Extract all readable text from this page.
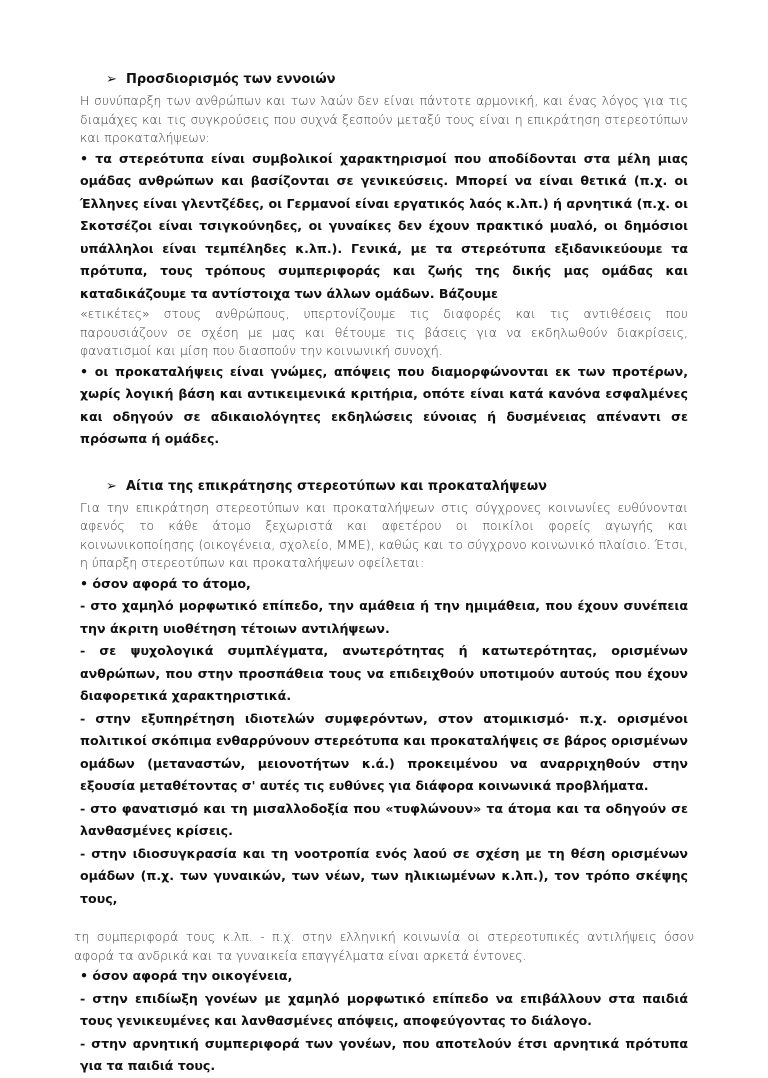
➢ Προσδιορισμός των εννοιών

Η συνύπαρξη των ανθρώπων και των λαών δεν είναι πάντοτε αρμονική, και ένας λόγος για τις διαμάχες και τις συγκρούσεις που συχνά ξεσπούν μεταξύ τους είναι η επικράτηση στερεοτύπων και προκαταλήψεων:

• τα στερεότυπα είναι συμβολικοί χαρακτηρισμοί που αποδίδονται στα μέλη μιας ομάδας ανθρώπων και βασίζονται σε γενικεύσεις. Μπορεί να είναι θετικά (π.χ. οι Έλληνες είναι γλεντζέδες, οι Γερμανοί είναι εργατικός λαός κ.λπ.) ή αρνητικά (π.χ. οι Σκοτσέζοι είναι τσιγκούνηδες, οι γυναίκες δεν έχουν πρακτικό μυαλό, οι δημόσιοι υπάλληλοι είναι τεμπέληδες κ.λπ.). Γενικά, με τα στερεότυπα εξιδανικεύουμε τα πρότυπα, τους τρόπους συμπεριφοράς και ζωής της δικής μας ομάδας και καταδικάζουμε τα αντίστοιχα των άλλων ομάδων. Βάζουμε

«ετικέτες» στους ανθρώπους, υπερτονίζουμε τις διαφορές και τις αντιθέσεις που παρουσιάζουν σε σχέση με μας και θέτουμε τις βάσεις για να εκδηλωθούν διακρίσεις, φανατισμοί και μίση που διασπούν την κοινωνική συνοχή.

• οι προκαταλήψεις είναι γνώμες, απόψεις που διαμορφώνονται εκ των προτέρων, χωρίς λογική βάση και αντικειμενικά κριτήρια, οπότε είναι κατά κανόνα εσφαλμένες και οδηγούν σε αδικαιολόγητες εκδηλώσεις εύνοιας ή δυσμένειας απέναντι σε πρόσωπα ή ομάδες.

➢ Αίτια της επικράτησης στερεοτύπων και προκαταλήψεων

Για την επικράτηση στερεοτύπων και προκαταλήψεων στις σύγχρονες κοινωνίες ευθύνονται αφενός το κάθε άτομο ξεχωριστά και αφετέρου οι ποικίλοι φορείς αγωγής και κοινωνικοποίησης (οικογένεια, σχολείο, ΜΜΕ), καθώς και το σύγχρονο κοινωνικό πλαίσιο. Έτσι, η ύπαρξη στερεοτύπων και προκαταλήψεων οφείλεται:

• όσον αφορά το άτομο,

- στο χαμηλό μορφωτικό επίπεδο, την αμάθεια ή την ημιμάθεια, που έχουν συνέπεια την άκριτη υιοθέτηση τέτοιων αντιλήψεων.

- σε ψυχολογικά συμπλέγματα, ανωτερότητας ή κατωτερότητας, ορισμένων ανθρώπων, που στην προσπάθεια τους να επιδειχθούν υποτιμούν αυτούς που έχουν διαφορετικά χαρακτηριστικά.

- στην εξυπηρέτηση ιδιοτελών συμφερόντων, στον ατομικισμό· π.χ. ορισμένοι πολιτικοί σκόπιμα ενθαρρύνουν στερεότυπα και προκαταλήψεις σε βάρος ορισμένων ομάδων (μεταναστών, μειονοτήτων κ.ά.) προκειμένου να αναρριχηθούν στην εξουσία μεταθέτοντας σ' αυτές τις ευθύνες για διάφορα κοινωνικά προβλήματα.

- στο φανατισμό και τη μισαλλοδοξία που «τυφλώνουν» τα άτομα και τα οδηγούν σε λανθασμένες κρίσεις.

- στην ιδιοσυγκρασία και τη νοοτροπία ενός λαού σε σχέση με τη θέση ορισμένων ομάδων (π.χ. των γυναικών, των νέων, των ηλικιωμένων κ.λπ.), τον τρόπο σκέψης τους,

τη συμπεριφορά τους κ.λπ. - π.χ. στην ελληνική κοινωνία οι στερεοτυπικές αντιλήψεις όσον αφορά τα ανδρικά και τα γυναικεία επαγγέλματα είναι αρκετά έντονες.

• όσον αφορά την οικογένεια,

- στην επιδίωξη γονέων με χαμηλό μορφωτικό επίπεδο να επιβάλλουν στα παιδιά τους γενικευμένες και λανθασμένες απόψεις, αποφεύγοντας το διάλογο.

- στην αρνητική συμπεριφορά των γονέων, που αποτελούν έτσι αρνητικά πρότυπα για τα παιδιά τους.
